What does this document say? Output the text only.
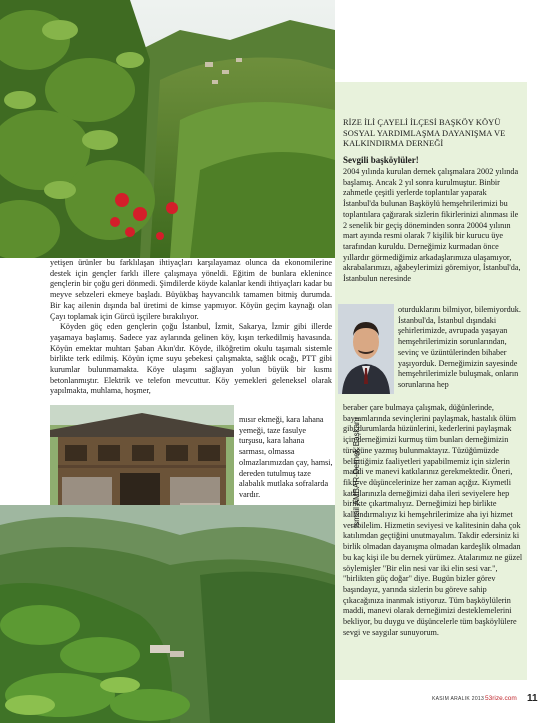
yetişen ürünler bu farklılaşan ihtiyaçları karşılayamaz olunca da ekonomilerine destek için gençler farklı illere çalışmaya yöneldi. Eğitim de bunlara eklenince gençlerin bir çoğu geri dönmedi. Şimdilerde köyde kalanlar kendi ihtiyaçları kadar bu meyve sebzeleri ekmeye başladı. Büyükbaş hayvancılık tamamen bitmiş durumda. Bir kaç ailenin dışında bal üretimi de kimse yapmıyor. Köyün geçim kaynağı olan Çayı toplamak için Gürcü işçilere bırakılıyor.

Köyden göç eden gençlerin çoğu İstanbul, İzmit, Sakarya, İzmir gibi illerde yaşamaya başlamış. Sadece yaz aylarında gelinen köy, kışın terkedilmiş havasında. Köyün emektar muhtarı Şaban Akın'dır. Köyde, ilköğretim okulu taşımalı sistemle birlikte terk edilmiş. Köyün içme suyu şebekesi çalışmakta, sağlık ocağı, PTT gibi kurumlar bulunmamakta. Köye ulaşımı sağlayan yolun büyük bir kısmı betonlanmıştır. Elektrik ve telefon mevcuttur. Köy yemekleri geleneksel olarak yapılmakta, muhlama, hoşmer,

mısır ekmeği, kara lahana yemeği, taze fasulye turşusu, kara lahana sarması, olmassa olmazlarımızdan çay, hamsi, dereden tutulmuş taze alabalık mutlaka sofralarda vardır.

RİZE İLİ ÇAYELİ İLÇESİ BAŞKÖY KÖYÜ SOSYAL YARDIMLAŞMA DAYANIŞMA VE KALKINDIRMA DERNEĞİ
Sevgili başköylüler!
2004 yılında kurulan dernek çalışmalara 2002 yılında başlamış. Ancak 2 yıl sonra kurulmuştur. Binbir zahmetle çeşitli yerlerde toplantılar yaparak İstanbul'da bulunan Başköylü hemşehrilerimizi bu toplantılara çağırarak sizlerin fikirlerinizi alınması ile 2 senelik bir geçiş döneminden sonra 20004 yılının mart ayında resmi olarak 7 kişilik bir kurucu üye tarafından kuruldu. Derneğimiz kurmadan önce yıllardır görmediğimiz arkadaşlarımıza ulaşamıyor, akrabalarımızı, ağabeylerimizi göremiyor, İstanbul'da, İstanbulun neresinde
oturduklarını bilmiyor, bilemiyorduk. İstanbul'da, İstanbul dışındaki şehirlerimizde, avrupada yaşayan hemşehrilerimizin sorunlarından, sevinç ve üzüntülerinden bihaber yaşıyorduk. Derneğimizin sayesinde hemşehrilerimizle buluşmak, onların sorunlarına hep
İsmail AMBAR-Dernek Başkanı
beraber çare bulmaya çalışmak, düğünlerinde, bayramlarında sevinçlerini paylaşmak, hastalık ölüm gibi durumlarda hüzünlerini, kederlerini paylaşmak için derneğimizi kurmuş tüm bunları derneğimizin türüğüne yazmış bulunmaktayız. Tüzüğümüzde belirttiğimiz faaliyetleri yapabilmemiz için sizlerin maddi ve manevi katkılarınız gerekmektedir. Öneri, fikir ve düşüncelerinize her zaman açığız. Kıymetli katkılarınızla derneğimizi daha ileri seviyelere hep birlikte çıkartmalıyız. Derneğimizi hep birlikte kalkındırmalıyız ki hemşehrilerimize aha iyi hizmet verebilelim. Hizmetin seviyesi ve kalitesinin daha çok katılımdan geçtiğini unutmayalım. Takdir edersiniz ki birlik olmadan dayanışma olmadan kardeşlik olmadan bu kaç kişi ile bu dernek yürümez. Atalarımız ne güzel söylemişler "Bir elin nesi var iki elin sesi var.", "birlikten güç doğar" diye. Bugün bizler görev başındayız, yarında sizlerin bu göreve sahip çıkacağınıza inanmak istiyoruz. Tüm başköylülerin maddi, manevi olarak derneğimizi desteklemelerini bekliyor, bu duygu ve düşüncelerle tüm başköylülere sevgi ve saygılar sunuyorum.
KASIM ARALIK 2013 53rize.com 11
